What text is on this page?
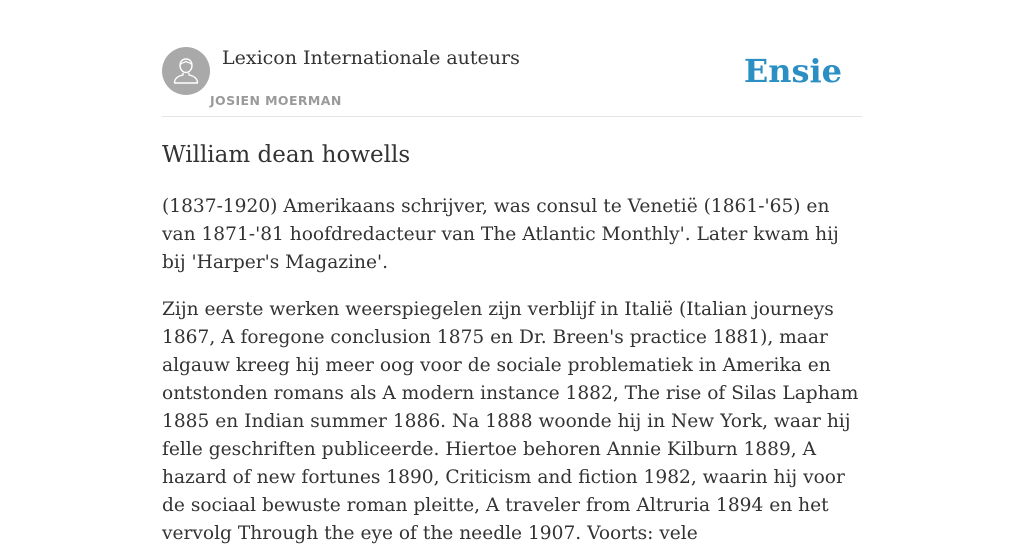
Lexicon Internationale auteurs
JOSIEN MOERMAN
Ensie
William dean howells

(1837-1920) Amerikaans schrijver, was consul te Venetië (1861-'65) en van 1871-'81 hoofdredacteur van The Atlantic Monthly'. Later kwam hij bij 'Harper's Magazine'.

Zijn eerste werken weerspiegelen zijn verblijf in Italië (Italian journeys 1867, A foregone conclusion 1875 en Dr. Breen's practice 1881), maar algauw kreeg hij meer oog voor de sociale problematiek in Amerika en ontstonden romans als A modern instance 1882, The rise of Silas Lapham 1885 en Indian summer 1886. Na 1888 woonde hij in New York, waar hij felle geschriften publiceerde. Hiertoe behoren Annie Kilburn 1889, A hazard of new fortunes 1890, Criticism and fiction 1982, waarin hij voor de sociaal bewuste roman pleitte, A traveler from Altruria 1894 en het vervolg Through the eye of the needle 1907. Voorts: vele
